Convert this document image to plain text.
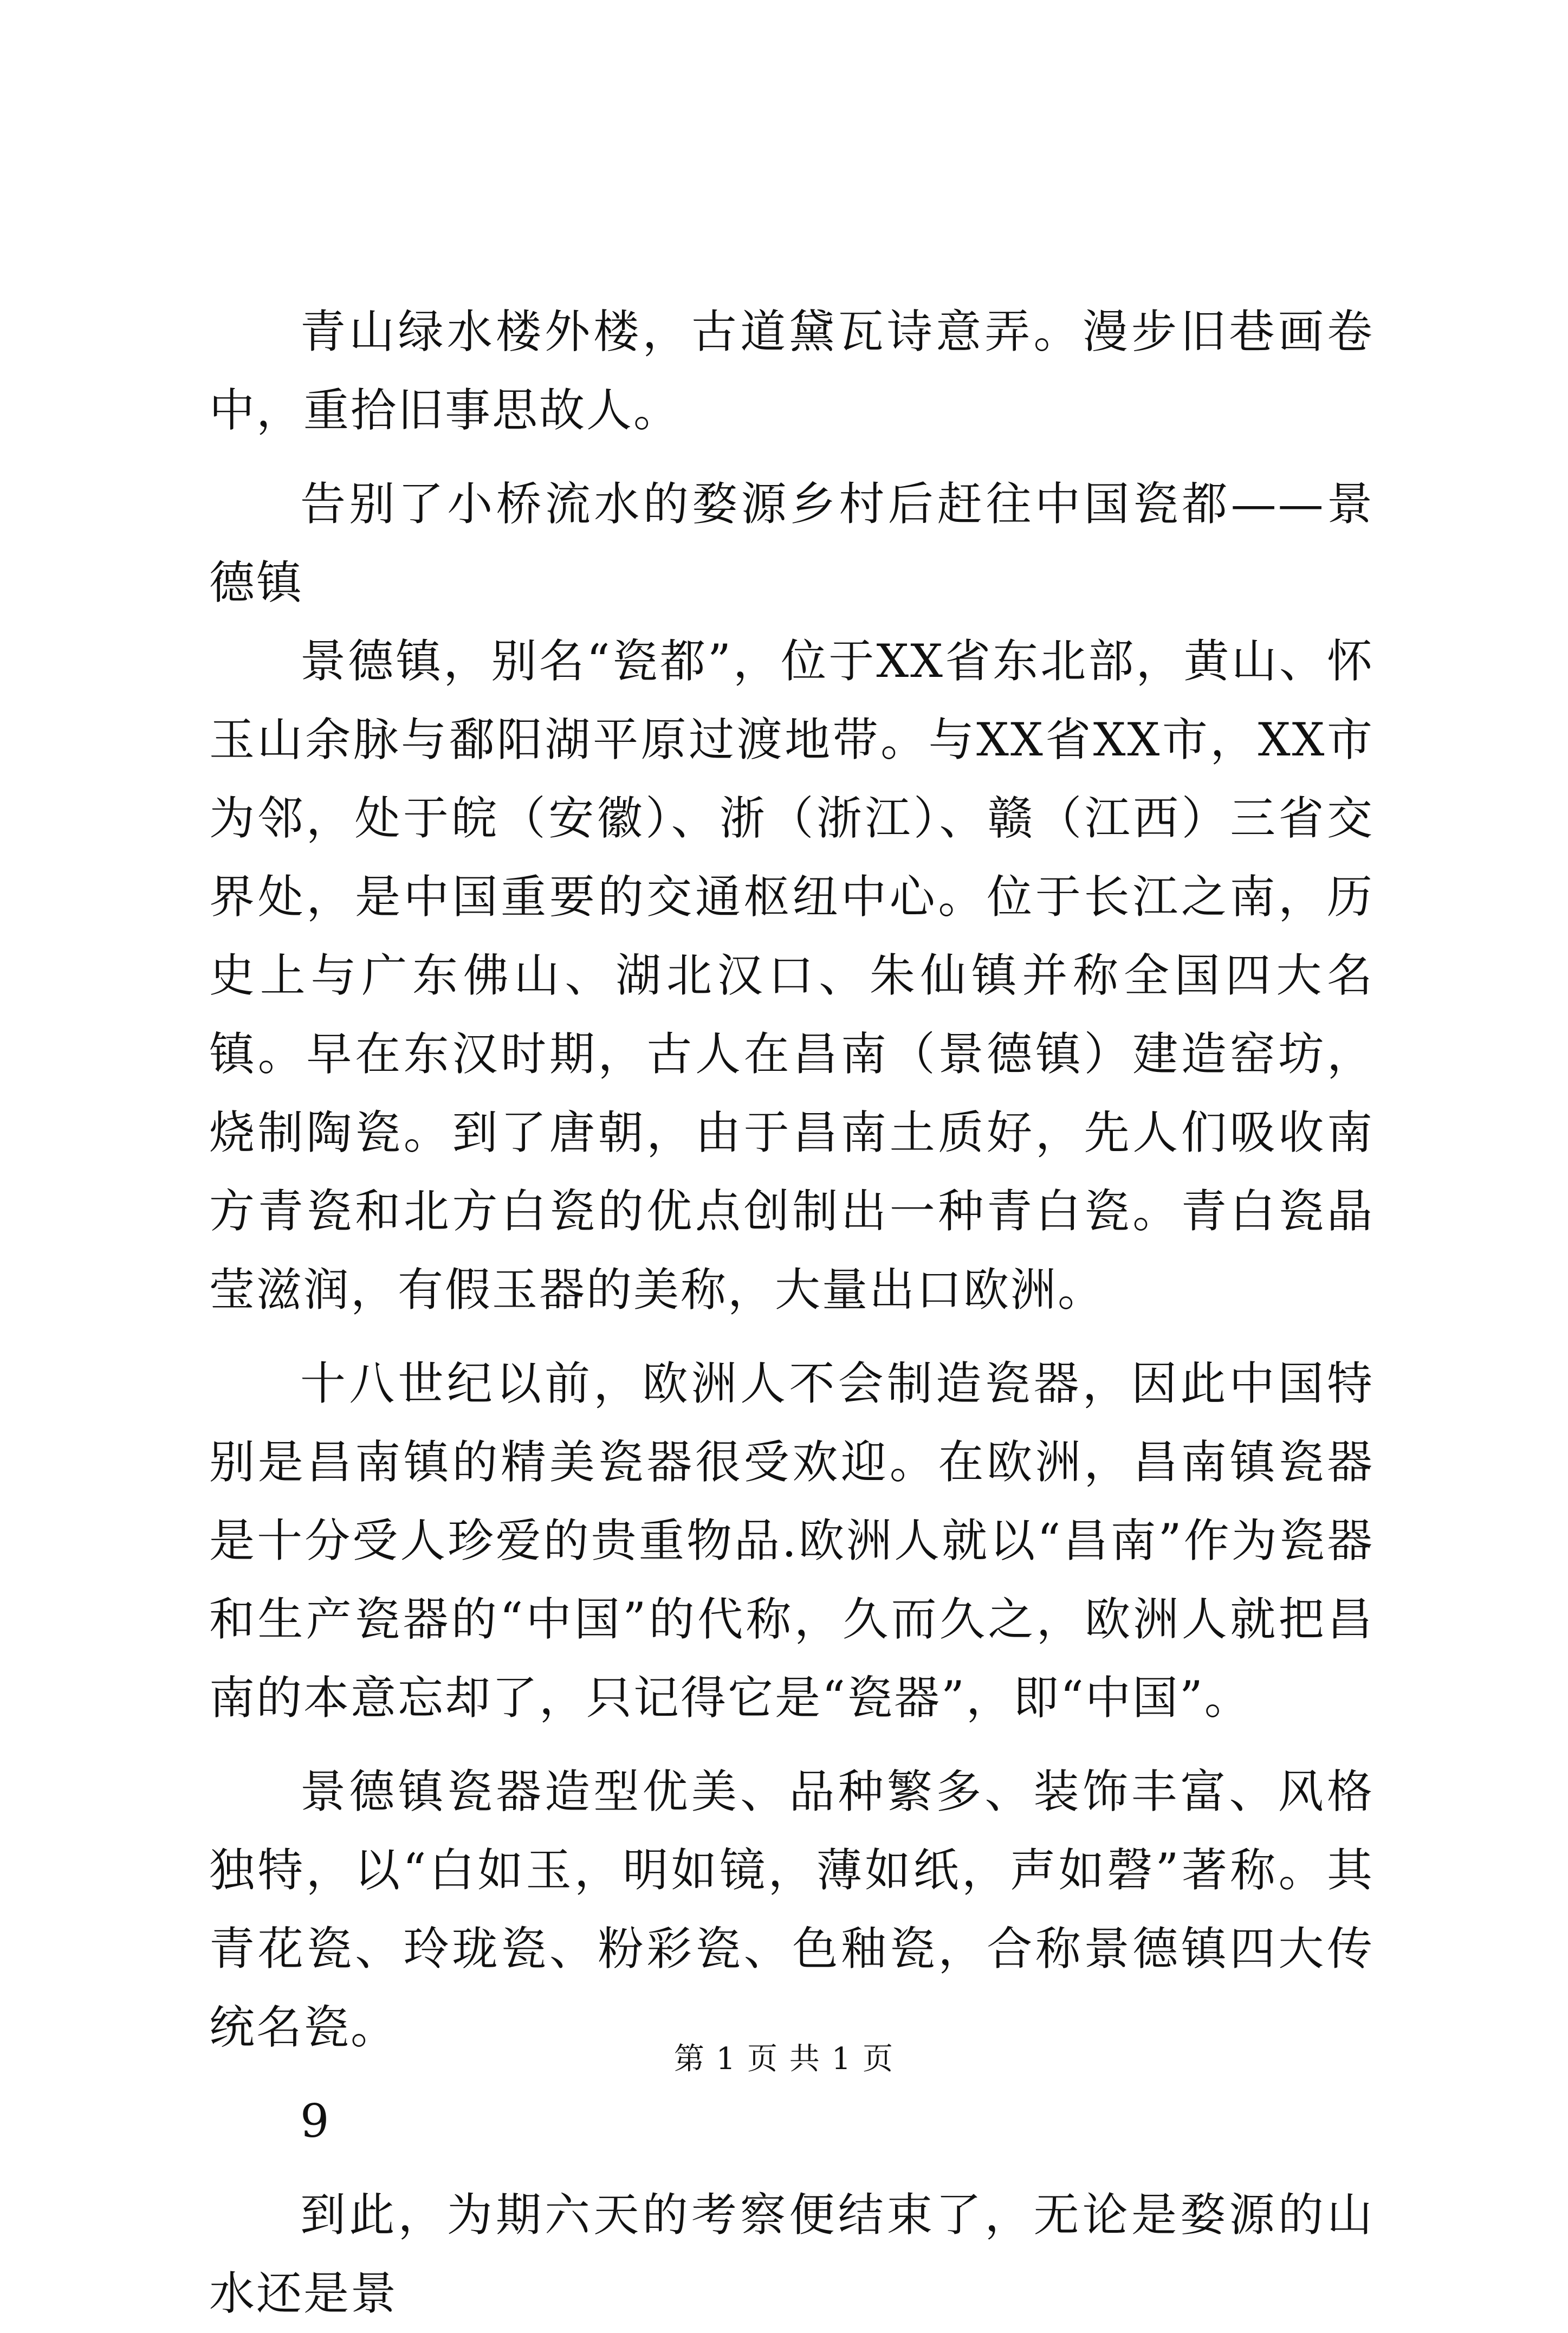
青山绿水楼外楼，古道黛瓦诗意弄。漫步旧巷画卷中，重拾旧事思故人。

告别了小桥流水的婺源乡村后赶往中国瓷都——景德镇

景德镇，别名“瓷都”，位于XX省东北部，黄山、怀玉山余脉与鄱阳湖平原过渡地带。与XX省XX市，XX市为邻，处于皖（安徽）、浙（浙江）、赣（江西）三省交界处，是中国重要的交通枢纽中心。位于长江之南，历史上与广东佛山、湖北汉口、朱仙镇并称全国四大名镇。早在东汉时期，古人在昌南（景德镇）建造窑坊，烧制陶瓷。到了唐朝，由于昌南土质好，先人们吸收南方青瓷和北方白瓷的优点创制出一种青白瓷。青白瓷晶莹滋润，有假玉器的美称，大量出口欧洲。

十八世纪以前，欧洲人不会制造瓷器，因此中国特别是昌南镇的精美瓷器很受欢迎。在欧洲，昌南镇瓷器是十分受人珍爱的贵重物品.欧洲人就以“昌南”作为瓷器和生产瓷器的“中国”的代称，久而久之，欧洲人就把昌南的本意忘却了，只记得它是“瓷器”，即“中国”。

景德镇瓷器造型优美、品种繁多、装饰丰富、风格独特，以“白如玉，明如镜，薄如纸，声如磬”著称。其青花瓷、玲珑瓷、粉彩瓷、色釉瓷，合称景德镇四大传统名瓷。

9

到此，为期六天的考察便结束了，无论是婺源的山水还是景

第 1 页 共 1 页
